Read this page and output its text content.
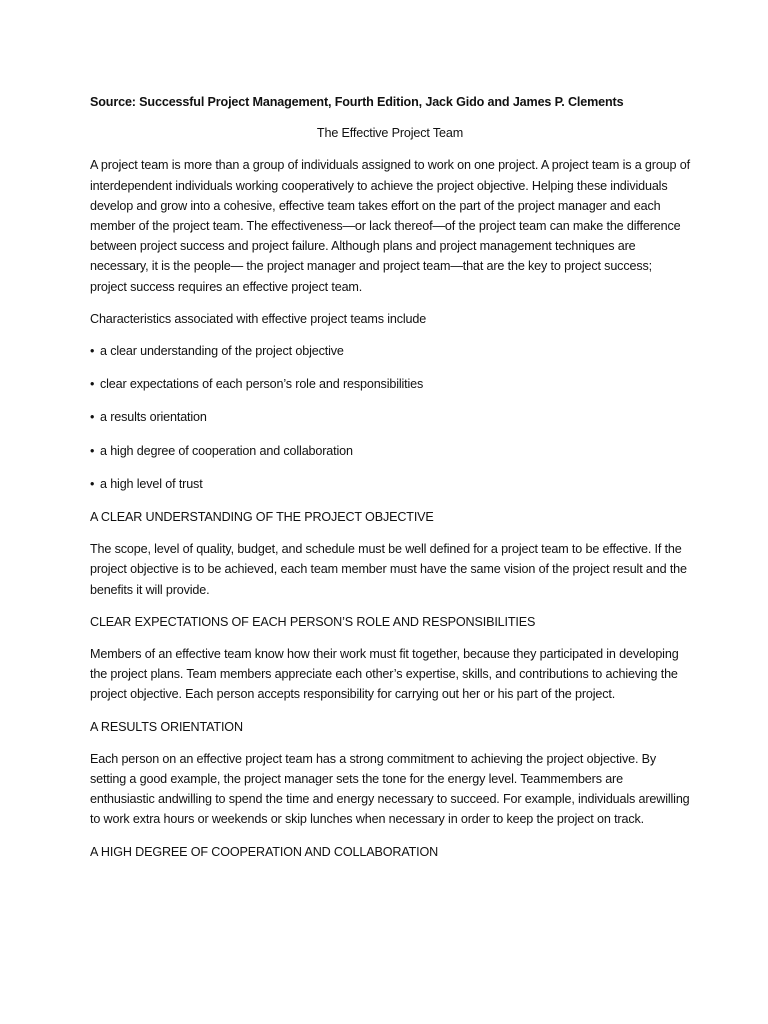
Source: Successful Project Management, Fourth Edition, Jack Gido and James P. Clements

The Effective Project Team

A project team is more than a group of individuals assigned to work on one project. A project team is a group of interdependent individuals working cooperatively to achieve the project objective. Helping these individuals develop and grow into a cohesive, effective team takes effort on the part of the project manager and each member of the project team. The effectiveness—or lack thereof—of the project team can make the difference between project success and project failure. Although plans and project management techniques are necessary, it is the people— the project manager and project team—that are the key to project success; project success requires an effective project team.

Characteristics associated with effective project teams include

• a clear understanding of the project objective

• clear expectations of each person’s role and responsibilities

• a results orientation

• a high degree of cooperation and collaboration

• a high level of trust

A CLEAR UNDERSTANDING OF THE PROJECT OBJECTIVE

The scope, level of quality, budget, and schedule must be well defined for a project team to be effective. If the project objective is to be achieved, each team member must have the same vision of the project result and the benefits it will provide.

CLEAR EXPECTATIONS OF EACH PERSON’S ROLE AND RESPONSIBILITIES

Members of an effective team know how their work must fit together, because they participated in developing the project plans. Team members appreciate each other’s expertise, skills, and contributions to achieving the project objective. Each person accepts responsibility for carrying out her or his part of the project.

A RESULTS ORIENTATION

Each person on an effective project team has a strong commitment to achieving the project objective. By setting a good example, the project manager sets the tone for the energy level. Teammembers are enthusiastic andwilling to spend the time and energy necessary to succeed. For example, individuals arewilling to work extra hours or weekends or skip lunches when necessary in order to keep the project on track.

A HIGH DEGREE OF COOPERATION AND COLLABORATION
